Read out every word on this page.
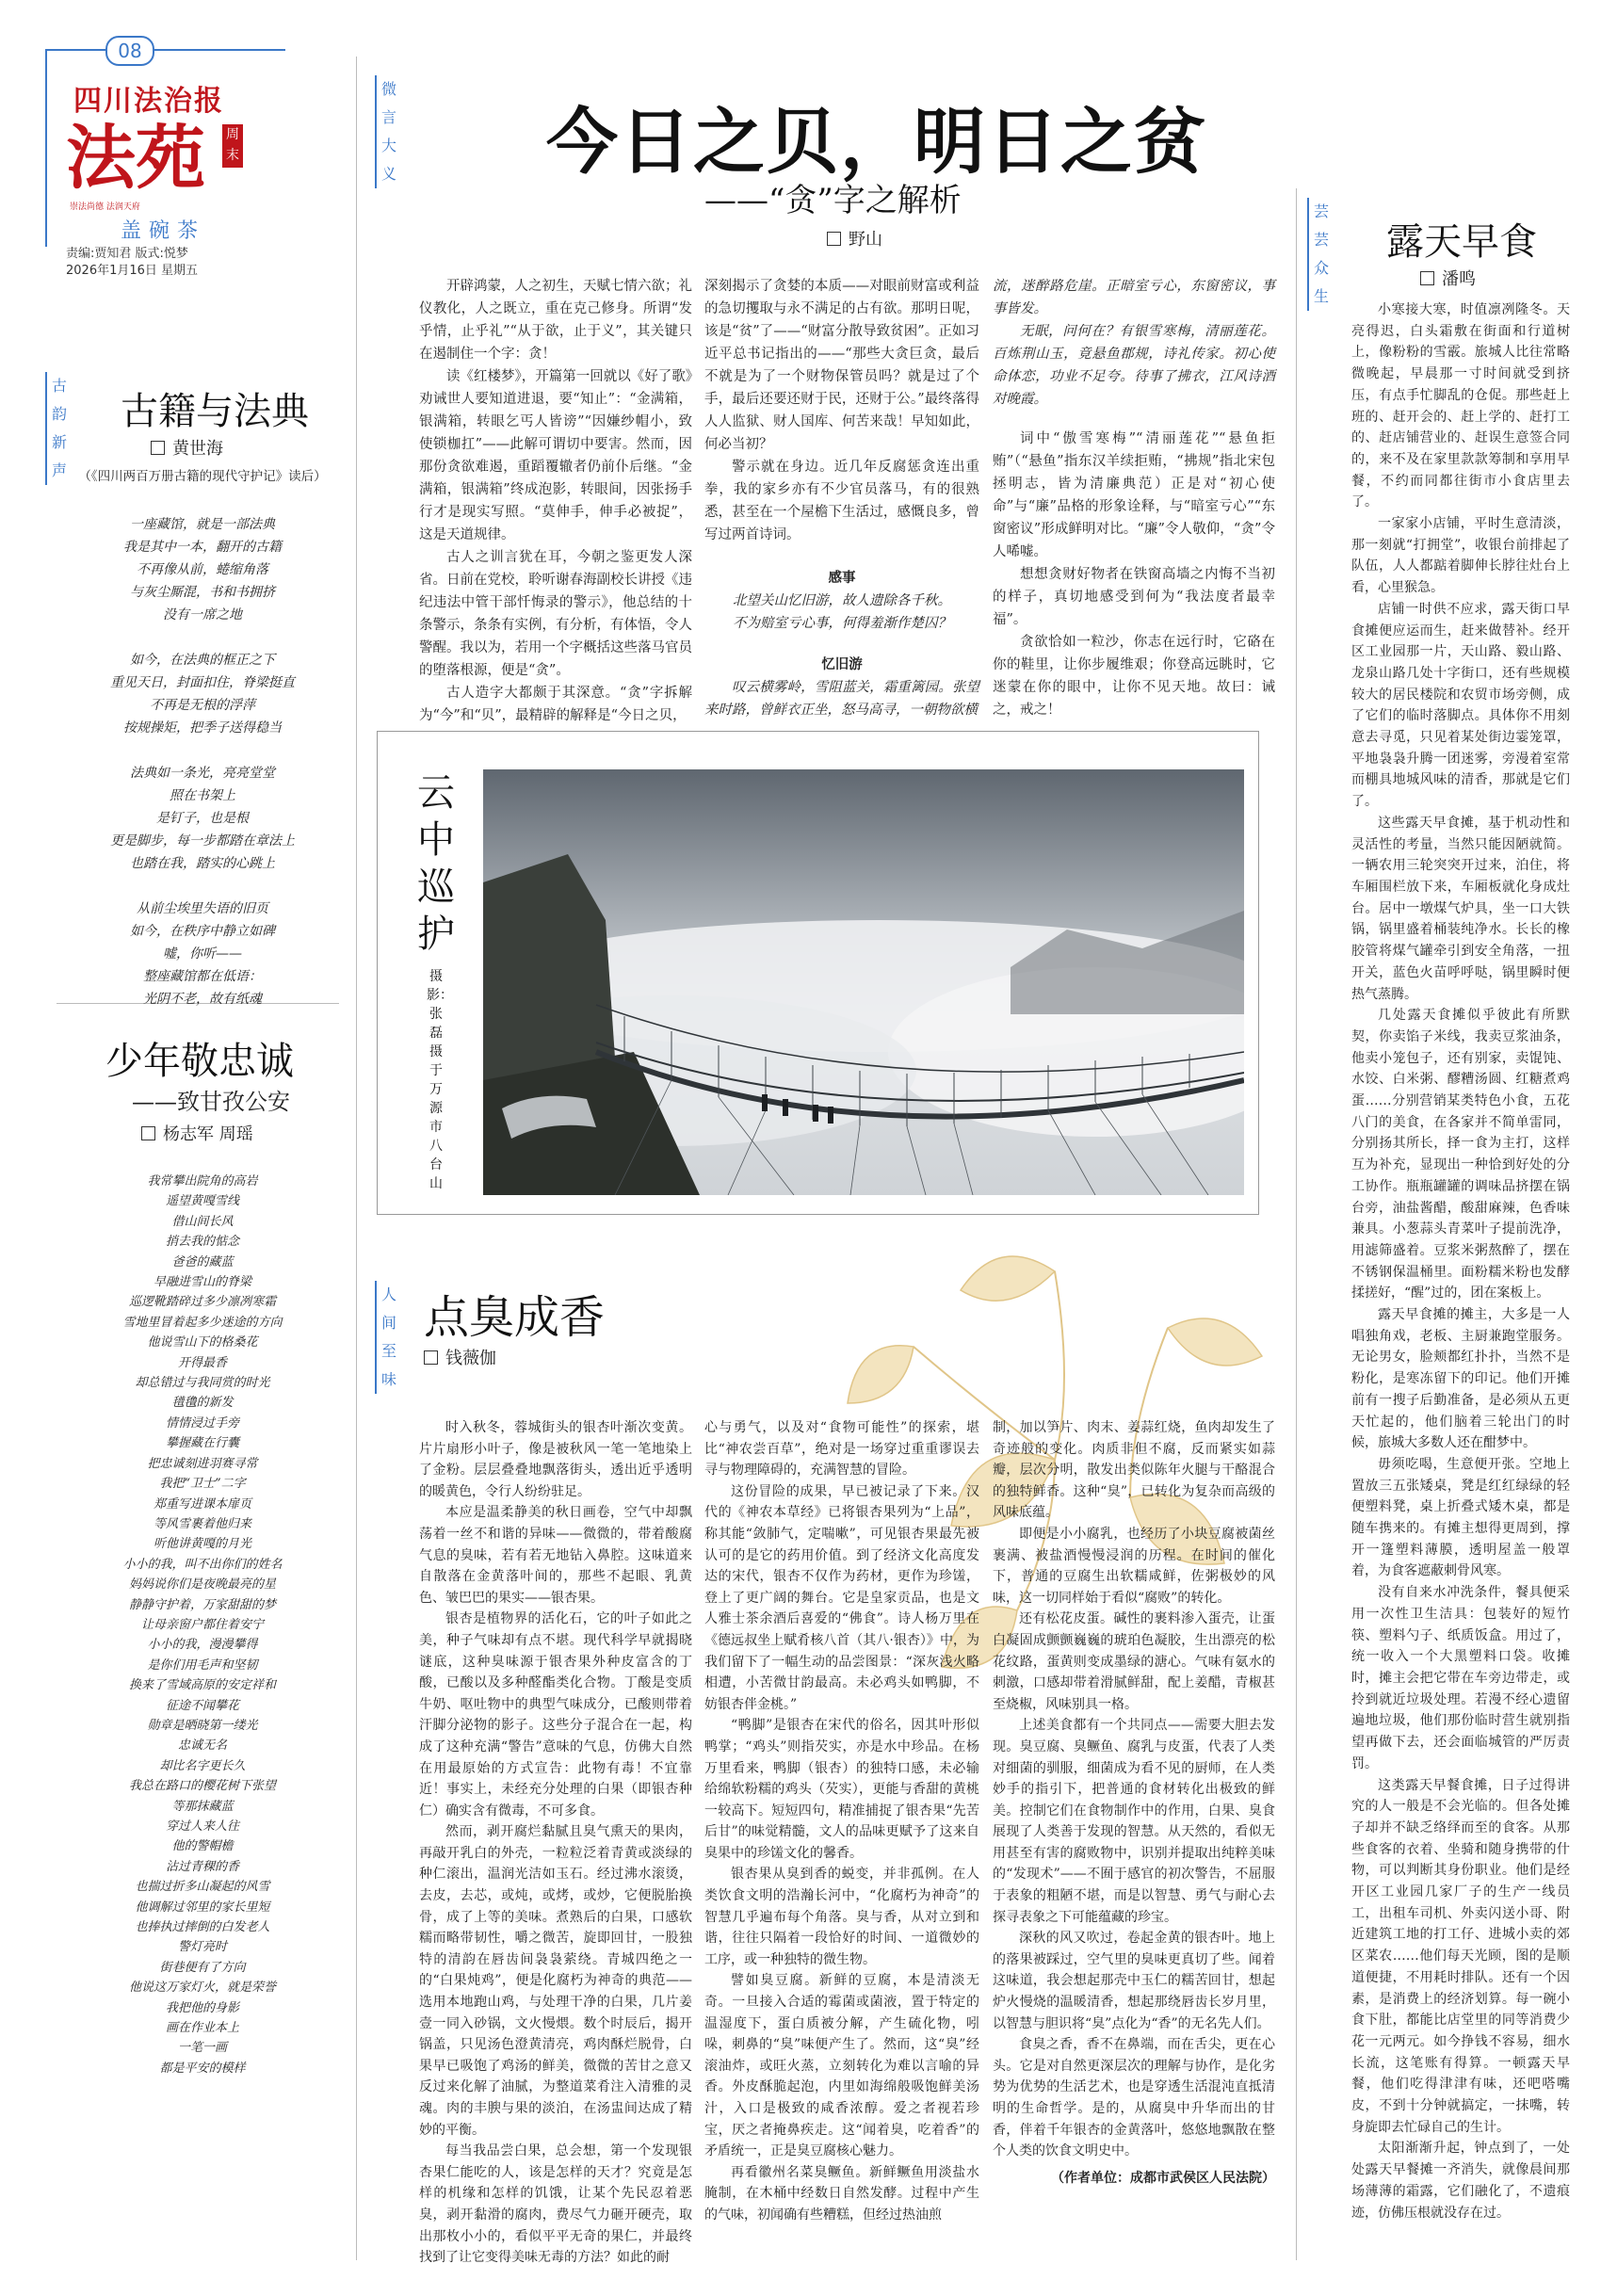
08
四川法治报
法苑 周末
崇法尚德 法润天府
盖碗茶
责编:贾知君 版式:悦梦
2026年1月16日 星期五
微言大义
古韵新声
人间至味
芸芸众生
今日之贝，明日之贫
——“贪”字之解析
野山

开辟鸿蒙，人之初生，天赋七情六欲；礼仪教化，人之既立，重在克己修身。所谓“发乎情，止乎礼”“从于欲，止于义”，其关键只在遏制住一个字：贪！

读《红楼梦》，开篇第一回就以《好了歌》劝诫世人要知道进退，要“知止”：“金满箱，银满箱，转眼乞丐人皆谤”“因嫌纱帽小，致使锁枷扛”——此解可谓切中要害。然而，因那份贪欲难遏，重蹈覆辙者仍前仆后继。“金满箱，银满箱”终成泡影，转眼间，因张扬手行才是现实写照。“莫伸手，伸手必被捉”，这是天道规律。

古人之训言犹在耳，今朝之鉴更发人深省。日前在党校，聆听谢春海副校长讲授《违纪违法中管干部忏悔录的警示》，他总结的十条警示，条条有实例，有分析，有体悟，令人警醒。我以为，若用一个字概括这些落马官员的堕落根源，便是“贪”。

古人造字大都颇于其深意。“贪”字拆解为“今”和“贝”，最精辟的解释是“今日之贝，

深刻揭示了贪婪的本质——对眼前财富或利益的急切攫取与永不满足的占有欲。那明日呢，该是“贫”了——“财富分散导致贫困”。正如习近平总书记指出的——“那些大贪巨贪，最后不就是为了一个财物保管员吗？就是过了个手，最后还要还财于民，还财于公。”最终落得人人监狱、财人国库、何苦来哉！早知如此，何必当初？

警示就在身边。近几年反腐惩贪连出重拳，我的家乡亦有不少官员落马，有的很熟悉，甚至在一个屋檐下生活过，感慨良多，曾写过两首诗词。

感事
北望关山忆旧游，故人遗除各千秋。
不为赔室亏心事，何得羞渐作楚囚？
忆旧游
叹云横雾岭，雪阻蓝关，霜重篱园。张望来时路，曾鲜衣正坐，怒马高寻，一朝物欲横

流，迷醉路危崖。正暗室亏心，东窗密议，事事皆发。

无眠，问何在？有银雪寒梅，清丽莲花。百炼荆山玉，竟悬鱼郡规，诗礼传家。初心使命体恋，功业不足夸。待事了拂衣，江风诗酒对晚霞。

词中“傲雪寒梅”“清丽莲花”“悬鱼拒贿”（“悬鱼”指东汉羊续拒贿，“拂规”指北宋包拯明志，皆为清廉典范）正是对“初心使命”与“廉”品格的形象诠释，与“暗室亏心”“东窗密议”形成鲜明对比。“廉”令人敬仰，“贪”令人唏嘘。

想想贪财好物者在铁窗高墙之内悔不当初的样子，真切地感受到何为“我法度者最幸福”。

贪欲恰如一粒沙，你志在远行时，它硌在你的鞋里，让你步履维艰；你登高远眺时，它迷蒙在你的眼中，让你不见天地。故曰：诫之，戒之！

古籍与法典
黄世海
（《四川两百万册古籍的现代守护记》读后）
一座藏馆，就是一部法典
我是其中一本，翻开的古籍
不再像从前，蜷缩角落
与灰尘厮混，书和书拥挤
没有一席之地
如今，在法典的框正之下
重见天日，封面扣住，脊梁挺直
不再是无根的浮萍
按规操矩，把季子送得稳当
法典如一条光，亮亮堂堂
照在书架上
是钉子，也是根
更是脚步，每一步都踏在章法上
也踏在我，踏实的心跳上
从前尘埃里失语的旧页
如今，在秩序中静立如碑
嘘，你听——
整座藏馆都在低语：
光阴不老，故有纸魂
少年敬忠诚
——致甘孜公安
杨志军 周瑶
我常攀出院角的高岩
遥望黄嘎雪线
借山间长风
捎去我的惦念
爸爸的藏蓝
早融进雪山的脊梁
巡逻靴踏碎过多少凛冽寒霜
雪地里冒着起多少迷途的方向
他说雪山下的格桑花
开得最香
却总错过与我同赏的时光
氆氇的新发
情情浸过手旁
攀握藏在行囊
把忠诚刻进羽赛寻常
我把“卫士”二字
郑重写进课本扉页
等风雪裹着他归来
听他讲黄嘎的月光
小小的我，叫不出你们的姓名
妈妈说你们是夜晚最亮的星
静静守护着，万家甜甜的梦
让母亲窗户都住着安宁
小小的我，漫漫攀得
是你们用毛声和坚韧
换来了雪域高原的安定祥和
征途不闻攀花
勋章是晒晓第一缕光
忠诚无名
却比名字更长久
我总在路口的樱花树下张望
等那抹藏蓝
穿过人来人往
他的警帽檐
沾过青稞的香
也揣过折多山凝起的风雪
他调解过邻里的家长里短
也捧执过摔倒的白发老人
警灯亮时
街巷便有了方向
他说这万家灯火，就是荣誉
我把他的身影
画在作业本上
一笔一画
都是平安的模样
云中巡护
摄影：张磊 摄于万源市八台山
点臭成香
钱薇伽

时入秋冬，蓉城街头的银杏叶渐次变黄。片片扇形小叶子，像是被秋风一笔一笔地染上了金粉。层层叠叠地飘落街头，透出近乎透明的暖黄色，令行人纷纷驻足。

本应是温柔静美的秋日画卷，空气中却飘荡着一丝不和谐的异味——微微的，带着酸腐气息的臭味，若有若无地钻入鼻腔。这味道来自散落在金黄落叶间的，那些不起眼、乳黄色、皱巴巴的果实——银杏果。

银杏是植物界的活化石，它的叶子如此之美，种子气味却有点不堪。现代科学早就揭晓谜底，这种臭味源于银杏果外种皮富含的丁酸，已酸以及多种醛酯类化合物。丁酸是变质牛奶、呕吐物中的典型气味成分，已酸则带着汗脚分泌物的影子。这些分子混合在一起，构成了这种充满“警告”意味的气息，仿佛大自然在用最原始的方式宣告：此物有毒！不宜靠近！事实上，未经充分处理的白果（即银杏种仁）确实含有微毒，不可多食。

然而，剥开腐烂黏腻且臭气熏天的果肉，再敲开乳白的外壳，一粒粒泛着青黄或淡绿的种仁滚出，温润光洁如玉石。经过沸水滚烫，去皮，去芯，或炖，或烤，或炒，它便脱胎换骨，成了上等的美味。煮熟后的白果，口感软糯而略带韧性，嚼之微苦，旋即回甘，一股独特的清韵在唇齿间袅袅萦绕。青城四绝之一的“白果炖鸡”，便是化腐朽为神奇的典范——选用本地跑山鸡，与处理干净的白果，几片姜壹一同入砂锅，文火慢煨。数个时辰后，揭开锅盖，只见汤色澄黄清亮，鸡肉酥烂脱骨，白果早已吸饱了鸡汤的鲜美，微微的苦甘之意又反过来化解了油腻，为整道菜肴注入清雅的灵魂。肉的丰腴与果的淡泊，在汤盅间达成了精妙的平衡。

每当我品尝白果，总会想，第一个发现银杏果仁能吃的人，该是怎样的天才？究竟是怎样的机缘和怎样的饥饿，让某个先民忍着恶臭，剥开黏滑的腐肉，费尽气力砸开硬壳，取出那枚小小的，看似平平无奇的果仁，并最终找到了让它变得美味无毒的方法？如此的耐

心与勇气，以及对“食物可能性”的探索，堪比“神农尝百草”，绝对是一场穿过重重谬误去寻与物理障碍的，充满智慧的冒险。

这份冒险的成果，早已被记录了下来。汉代的《神农本草经》已将银杏果列为“上品”，称其能“敛肺气，定喘嗽”，可见银杏果最先被认可的是它的药用价值。到了经济文化高度发达的宋代，银杏不仅作为药材，更作为珍馐，登上了更广阔的舞台。它是皇家贡品，也是文人雅士茶余酒后喜爱的“佛食”。诗人杨万里在《德远叔坐上赋肴核八首（其八·银杏）》中，为我们留下了一幅生动的品尝图景：“深灰浅火略相遭，小苦微甘韵最高。未必鸡头如鸭脚，不妨银杏伴金桃。”

“鸭脚”是银杏在宋代的俗名，因其叶形似鸭掌；“鸡头”则指芡实，亦是水中珍品。在杨万里看来，鸭脚（银杏）的独特口感，未必输给绵软粉糯的鸡头（芡实），更能与香甜的黄桃一较高下。短短四句，精准捕捉了银杏果“先苦后甘”的味觉精髓，文人的品味更赋予了这来自臭果中的珍馐文化的馨香。

银杏果从臭到香的蜕变，并非孤例。在人类饮食文明的浩瀚长河中，“化腐朽为神奇”的智慧几乎遍布每个角落。臭与香，从对立到和谐，往往只隔着一段恰好的时间、一道微妙的工序，或一种独特的微生物。

譬如臭豆腐。新鲜的豆腐，本是清淡无奇。一旦接入合适的霉菌或菌液，置于特定的温湿度下，蛋白质被分解，产生硫化物，吲哚，刺鼻的“臭”味便产生了。然而，这“臭”经滚油炸，或旺火蒸，立刻转化为难以言喻的异香。外皮酥脆起泡，内里如海绵般吸饱鲜美汤汁，入口是极致的咸香浓醇。爱之者视若珍宝，厌之者掩鼻疾走。这“闻着臭，吃着香”的矛盾统一，正是臭豆腐核心魅力。

再看徽州名菜臭鳜鱼。新鲜鳜鱼用淡盐水腌制，在木桶中经数日自然发酵。过程中产生的气味，初闻确有些糟糕，但经过热油煎

制，加以笋片、肉末、姜蒜红烧，鱼肉却发生了奇迹般的变化。肉质非但不腐，反而紧实如蒜瓣，层次分明，散发出类似陈年火腿与干酪混合的独特鲜香。这种“臭”，已转化为复杂而高级的风味底蕴。

即便是小小腐乳，也经历了小块豆腐被菌丝裹满、被盐酒慢慢浸润的历程。在时间的催化下，普通的豆腐生出软糯咸鲜，佐粥极妙的风味，这一切同样始于看似“腐败”的转化。

还有松花皮蛋。碱性的裹料渗入蛋壳，让蛋白凝固成颤颤巍巍的琥珀色凝胶，生出漂亮的松花纹路，蛋黄则变成墨绿的溏心。气味有氨水的刺激，口感却带着滑腻鲜甜，配上姜醋，青椒甚至烧椒，风味别具一格。

上述美食都有一个共同点——需要大胆去发现。臭豆腐、臭鳜鱼、腐乳与皮蛋，代表了人类对细菌的驯服，细菌成为看不见的厨师，在人类妙手的指引下，把普通的食材转化出极致的鲜美。控制它们在食物制作中的作用，白果、臭食展现了人类善于发现的智慧。从天然的，看似无用甚至有害的腐败物中，识别并提取出纯粹美味的“发现术”——不囿于感官的初次警告，不屈服于表象的粗陋不堪，而是以智慧、勇气与耐心去探寻表象之下可能蕴藏的珍宝。

深秋的风又吹过，卷起金黄的银杏叶。地上的落果被踩过，空气里的臭味更真切了些。闻着这味道，我会想起那壳中玉仁的糯苦回甘，想起炉火慢烧的温暖清香，想起那绕唇齿长岁月里，以智慧与胆识将“臭”点化为“香”的无名先人们。

食臭之香，香不在鼻端，而在舌尖，更在心头。它是对自然更深层次的理解与协作，是化劣势为优势的生活艺术，也是穿透生活混沌直抵清明的生命哲学。是的，从腐臭中升华而出的甘香，伴着千年银杏的金黄落叶，悠悠地飘散在整个人类的饮食文明史中。

（作者单位：成都市武侯区人民法院）
露天早食
潘鸣

小寒接大寒，时值凛冽隆冬。天亮得迟，白头霜敷在街面和行道树上，像粉粉的雪霰。旅城人比往常略微晚起，早晨那一寸时间就受到挤压，有点手忙脚乱的仓促。那些赶上班的、赶开会的、赶上学的、赶打工的、赶店铺营业的、赶误生意签合同的，来不及在家里款款筹制和享用早餐，不约而同都往街市小食店里去了。

一家家小店铺，平时生意清淡，那一刻就“打拥堂”，收银台前排起了队伍，人人都踮着脚伸长脖往灶台上看，心里猴急。

店铺一时供不应求，露天街口早食摊便应运而生，赶来做替补。经开区工业园那一片，天山路、毅山路、龙泉山路几处十字街口，还有些规模较大的居民楼院和农贸市场旁侧，成了它们的临时落脚点。具体你不用刻意去寻觅，只见着某处街边霎笼罩，平地袅袅升腾一团迷雾，旁漫着室常而棚具地城风味的清香，那就是它们了。

这些露天早食摊，基于机动性和灵活性的考量，当然只能因陋就简。一辆农用三轮突突开过来，泊住，将车厢围栏放下来，车厢板就化身成灶台。居中一墩煤气炉具，坐一口大铁锅，锅里盛着桶装纯净水。长长的橡胶管将煤气罐牵引到安全角落，一扭开关，蓝色火苗呼呼哒，锅里瞬时便热气蒸腾。

几处露天食摊似乎彼此有所默契，你卖馅子米线，我卖豆浆油条，他卖小笼包子，还有别家，卖馄饨、水饺、白米粥、醪糟汤圆、红糖煮鸡蛋……分别营销某类特色小食，五花八门的美食，在各家并不简单雷同，分别扬其所长，择一食为主打，这样互为补充，显现出一种恰到好处的分工协作。瓶瓶罐罐的调味品挤摆在锅台旁，油盐酱醋，酸甜麻辣，色香味兼具。小葱蒜头青菜叶子提前洗净，用滤筛盛着。豆浆米粥熬醉了，摆在不锈钢保温桶里。面粉糯米粉也发酵揉搓好，“醒”过的，团在案板上。

露天早食摊的摊主，大多是一人唱独角戏，老板、主厨兼跑堂服务。无论男女，脸颊都红扑扑，当然不是粉化，是寒冻留下的印记。他们开摊前有一搜子后勤准备，是必须从五更天忙起的，他们脑着三轮出门的时候，旅城大多数人还在酣梦中。

毋须吃喝，生意便开张。空地上置放三五张矮桌，凳是红红绿绿的轻便塑料凳，桌上折叠式矮木桌，都是随车携来的。有摊主想得更周到，撑开一篷塑料薄膜，透明屋盖一般罩着，为食客遮蔽刺骨风寒。

没有自来水冲洗条件，餐具便采用一次性卫生洁具：包装好的短竹筷、塑料勺子、纸质饭盒。用过了，统一收入一个大黑塑料口袋。收摊时，摊主会把它带在车旁边带走，或拎到就近垃圾处理。若漫不经心遗留遍地垃圾，他们那份临时营生就别指望再做下去，还会面临城管的严厉责罚。

这类露天早餐食摊，日子过得讲究的人一般是不会光临的。但各处摊子却并不缺乏络绎而至的食客。从那些食客的衣着、坐骑和随身携带的什物，可以判断其身份职业。他们是经开区工业园几家厂子的生产一线员工，出租车司机、外卖闪送小哥、附近建筑工地的打工仔、进城小卖的郊区菜农……他们每天光顾，图的是顺道便捷，不用耗时排队。还有一个因素，是消费上的经济划算。每一碗小食下肚，都能比店堂里的同等消费少花一元两元。如今挣钱不容易，细水长流，这笔账有得算。一顿露天早餐，他们吃得津津有味，还吧嗒嘴皮，不到十分钟就搞定，一抹嘴，转身旋即去忙碌自己的生计。

太阳渐渐升起，钟点到了，一处处露天早餐摊一齐消失，就像晨间那场薄薄的霜露，它们融化了，不遗痕迹，仿佛压根就没存在过。
